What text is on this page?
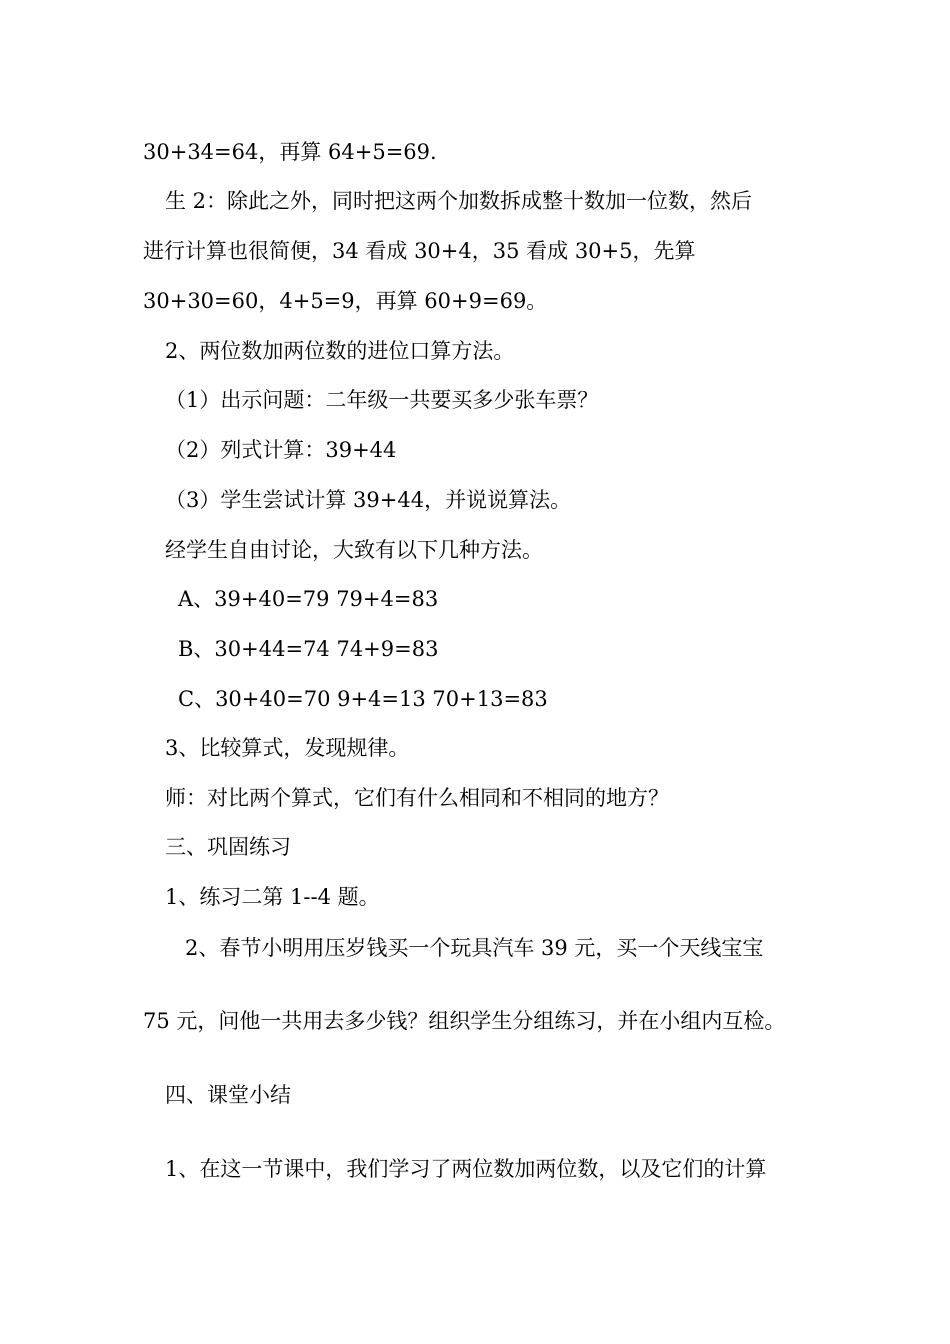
30+34=64，再算 64+5=69.
生 2：除此之外，同时把这两个加数拆成整十数加一位数，然后
进行计算也很简便，34 看成 30+4，35 看成 30+5，先算
30+30=60，4+5=9，再算 60+9=69。
2、两位数加两位数的进位口算方法。
（1）出示问题：二年级一共要买多少张车票？
（2）列式计算：39+44
（3）学生尝试计算 39+44，并说说算法。
经学生自由讨论，大致有以下几种方法。
A、39+40=79 79+4=83
B、30+44=74 74+9=83
C、30+40=70 9+4=13 70+13=83
3、比较算式，发现规律。
师：对比两个算式，它们有什么相同和不相同的地方？
三、巩固练习
1、练习二第 1--4 题。
2、春节小明用压岁钱买一个玩具汽车 39 元，买一个天线宝宝
75 元，问他一共用去多少钱？组织学生分组练习，并在小组内互检。
四、课堂小结
1、在这一节课中，我们学习了两位数加两位数，以及它们的计算
